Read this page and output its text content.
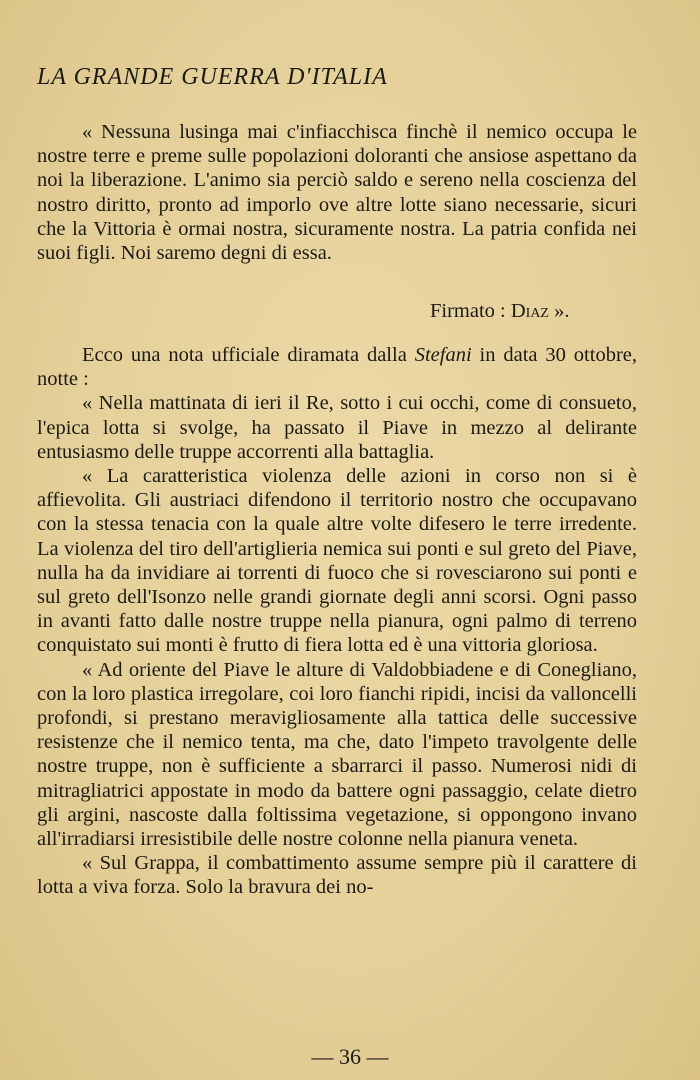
LA GRANDE GUERRA D'ITALIA

« Nessuna lusinga mai c'infiacchisca finchè il nemico occupa le nostre terre e preme sulle popolazioni doloranti che ansiose aspettano da noi la liberazione. L'animo sia perciò saldo e sereno nella coscienza del nostro diritto, pronto ad imporlo ove altre lotte siano necessarie, sicuri che la Vittoria è ormai nostra, sicuramente nostra. La patria confida nei suoi figli. Noi saremo degni di essa.

Firmato : Diaz ».

Ecco una nota ufficiale diramata dalla Stefani in data 30 ottobre, notte :

« Nella mattinata di ieri il Re, sotto i cui occhi, come di consueto, l'epica lotta si svolge, ha passato il Piave in mezzo al delirante entusiasmo delle truppe accorrenti alla battaglia.

« La caratteristica violenza delle azioni in corso non si è affievolita. Gli austriaci difendono il territorio nostro che occupavano con la stessa tenacia con la quale altre volte difesero le terre irredente. La violenza del tiro dell'artiglieria nemica sui ponti e sul greto del Piave, nulla ha da invidiare ai torrenti di fuoco che si rovesciarono sui ponti e sul greto dell'Isonzo nelle grandi giornate degli anni scorsi. Ogni passo in avanti fatto dalle nostre truppe nella pianura, ogni palmo di terreno conquistato sui monti è frutto di fiera lotta ed è una vittoria gloriosa.

« Ad oriente del Piave le alture di Valdobbiadene e di Conegliano, con la loro plastica irregolare, coi loro fianchi ripidi, incisi da valloncelli profondi, si prestano meravigliosamente alla tattica delle successive resistenze che il nemico tenta, ma che, dato l'impeto travolgente delle nostre truppe, non è sufficiente a sbarrarci il passo. Numerosi nidi di mitragliatrici appostate in modo da battere ogni passaggio, celate dietro gli argini, nascoste dalla foltissima vegetazione, si oppongono invano all'irradiarsi irresistibile delle nostre colonne nella pianura veneta.

« Sul Grappa, il combattimento assume sempre più il carattere di lotta a viva forza. Solo la bravura dei no-

— 36 —
